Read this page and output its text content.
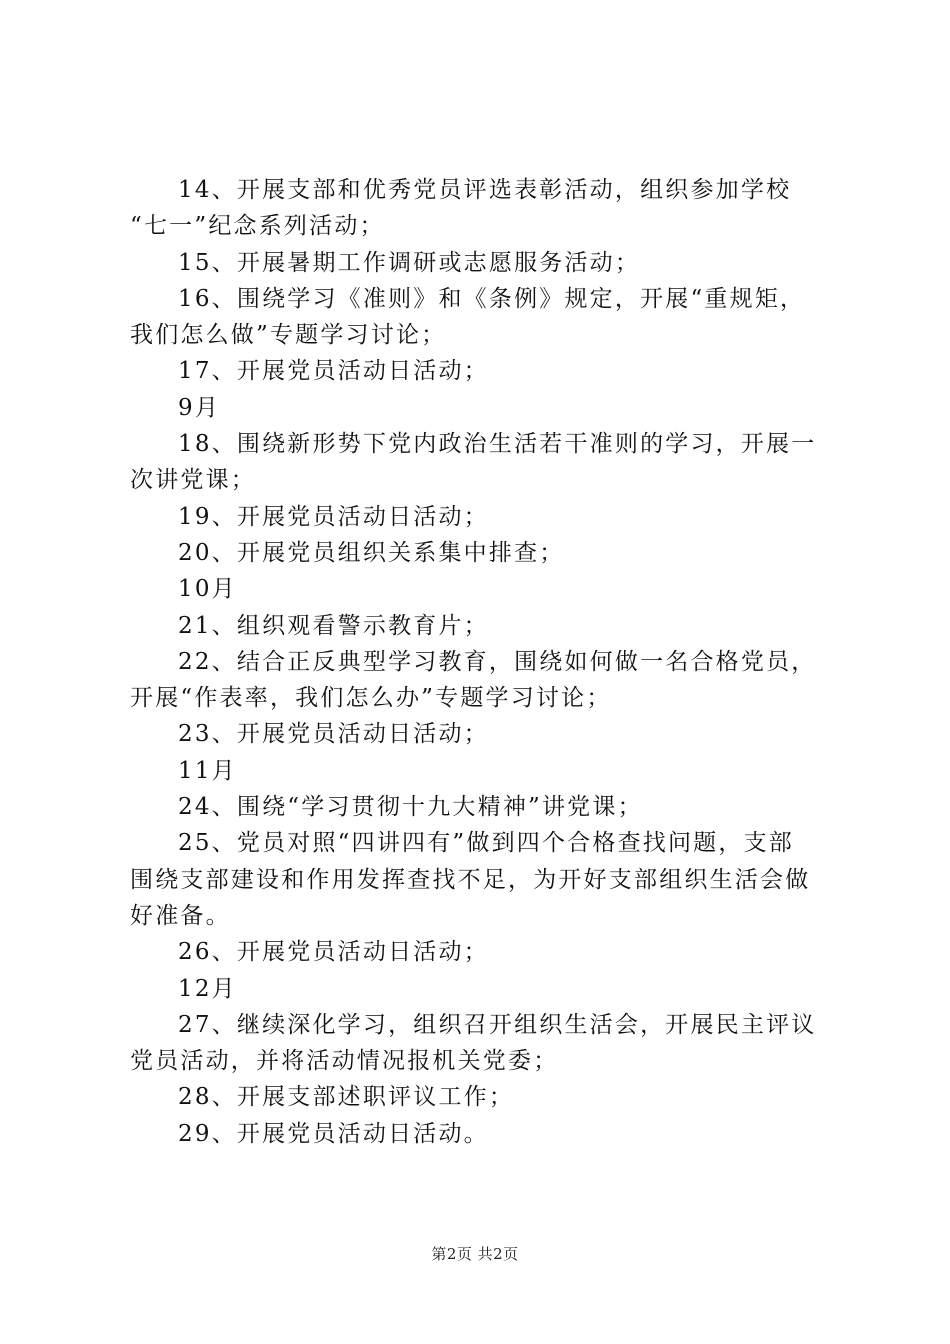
14、开展支部和优秀党员评选表彰活动，组织参加学校
“七一”纪念系列活动；
15、开展暑期工作调研或志愿服务活动；
16、围绕学习《准则》和《条例》规定，开展“重规矩，
我们怎么做”专题学习讨论；
17、开展党员活动日活动；
9月
18、围绕新形势下党内政治生活若干准则的学习，开展一
次讲党课；
19、开展党员活动日活动；
20、开展党员组织关系集中排查；
10月
21、组织观看警示教育片；
22、结合正反典型学习教育，围绕如何做一名合格党员，
开展“作表率，我们怎么办”专题学习讨论；
23、开展党员活动日活动；
11月
24、围绕“学习贯彻十九大精神”讲党课；
25、党员对照“四讲四有”做到四个合格查找问题，支部
围绕支部建设和作用发挥查找不足，为开好支部组织生活会做
好准备。
26、开展党员活动日活动；
12月
27、继续深化学习，组织召开组织生活会，开展民主评议
党员活动，并将活动情况报机关党委；
28、开展支部述职评议工作；
29、开展党员活动日活动。
第2页 共2页
